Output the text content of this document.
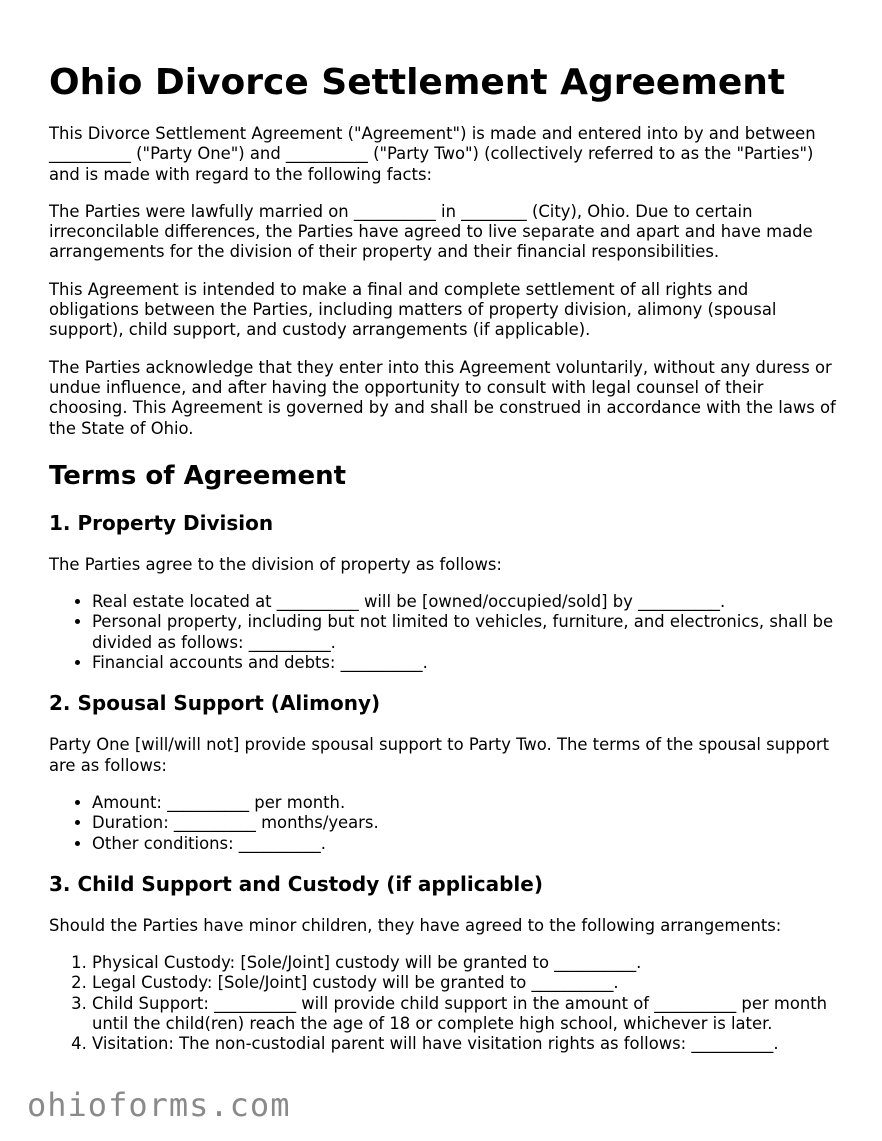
Ohio Divorce Settlement Agreement

This Divorce Settlement Agreement ("Agreement") is made and entered into by and between __________ ("Party One") and __________ ("Party Two") (collectively referred to as the "Parties") and is made with regard to the following facts:

The Parties were lawfully married on __________ in ________ (City), Ohio. Due to certain irreconcilable differences, the Parties have agreed to live separate and apart and have made arrangements for the division of their property and their financial responsibilities.

This Agreement is intended to make a final and complete settlement of all rights and obligations between the Parties, including matters of property division, alimony (spousal support), child support, and custody arrangements (if applicable).

The Parties acknowledge that they enter into this Agreement voluntarily, without any duress or undue influence, and after having the opportunity to consult with legal counsel of their choosing. This Agreement is governed by and shall be construed in accordance with the laws of the State of Ohio.

Terms of Agreement
1. Property Division

The Parties agree to the division of property as follows:

• Real estate located at __________ will be [owned/occupied/sold] by __________.
• Personal property, including but not limited to vehicles, furniture, and electronics, shall be divided as follows: __________.
• Financial accounts and debts: __________.
2. Spousal Support (Alimony)

Party One [will/will not] provide spousal support to Party Two. The terms of the spousal support are as follows:

• Amount: __________ per month.
• Duration: __________ months/years.
• Other conditions: __________.
3. Child Support and Custody (if applicable)

Should the Parties have minor children, they have agreed to the following arrangements:

1. Physical Custody: [Sole/Joint] custody will be granted to __________.
2. Legal Custody: [Sole/Joint] custody will be granted to __________.
3. Child Support: __________ will provide child support in the amount of __________ per month until the child(ren) reach the age of 18 or complete high school, whichever is later.
4. Visitation: The non-custodial parent will have visitation rights as follows: __________.
ohioforms.com
